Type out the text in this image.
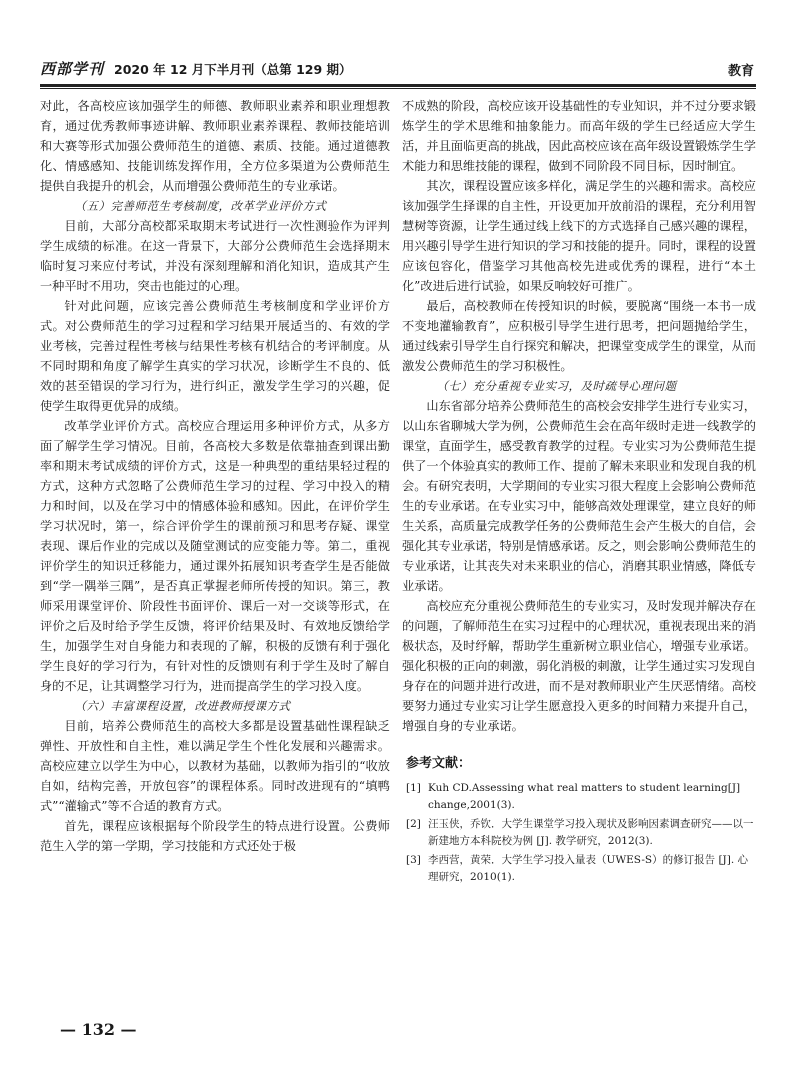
西部学刊 2020 年 12 月下半月刊（总第 129 期）	教育

对此，各高校应该加强学生的师德、教师职业素养和职业理想教育，通过优秀教师事迹讲解、教师职业素养课程、教师技能培训和大赛等形式加强公费师范生的道德、素质、技能。通过道德教化、情感感知、技能训练发挥作用，全方位多渠道为公费师范生提供自我提升的机会，从而增强公费师范生的专业承诺。

（五）完善师范生考核制度，改革学业评价方式

目前，大部分高校都采取期末考试进行一次性测验作为评判学生成绩的标准。在这一背景下，大部分公费师范生会选择期末临时复习来应付考试，并没有深刻理解和消化知识，造成其产生一种平时不用功，突击也能过的心理。

针对此问题，应该完善公费师范生考核制度和学业评价方式。对公费师范生的学习过程和学习结果开展适当的、有效的学业考核，完善过程性考核与结果性考核有机结合的考评制度。从不同时期和角度了解学生真实的学习状况，诊断学生不良的、低效的甚至错误的学习行为，进行纠正，激发学生学习的兴趣，促使学生取得更优异的成绩。

改革学业评价方式。高校应合理运用多种评价方式，从多方面了解学生学习情况。目前，各高校大多数是依靠抽查到课出勤率和期末考试成绩的评价方式，这是一种典型的重结果轻过程的方式，这种方式忽略了公费师范生学习的过程、学习中投入的精力和时间，以及在学习中的情感体验和感知。因此，在评价学生学习状况时，第一，综合评价学生的课前预习和思考存疑、课堂表现、课后作业的完成以及随堂测试的应变能力等。第二，重视评价学生的知识迁移能力，通过课外拓展知识考查学生是否能做到“学一隅举三隅”，是否真正掌握老师所传授的知识。第三，教师采用课堂评价、阶段性书面评价、课后一对一交谈等形式，在评价之后及时给予学生反馈，将评价结果及时、有效地反馈给学生，加强学生对自身能力和表现的了解，积极的反馈有利于强化学生良好的学习行为，有针对性的反馈则有利于学生及时了解自身的不足，让其调整学习行为，进而提高学生的学习投入度。

（六）丰富课程设置，改进教师授课方式

目前，培养公费师范生的高校大多都是设置基础性课程缺乏弹性、开放性和自主性，难以满足学生个性化发展和兴趣需求。高校应建立以学生为中心，以教材为基础，以教师为指引的“收放自如，结构完善，开放包容”的课程体系。同时改进现有的“填鸭式”“灌输式”等不合适的教育方式。

首先，课程应该根据每个阶段学生的特点进行设置。公费师范生入学的第一学期，学习技能和方式还处于极

不成熟的阶段，高校应该开设基础性的专业知识，并不过分要求锻炼学生的学术思维和抽象能力。而高年级的学生已经适应大学生活，并且面临更高的挑战，因此高校应该在高年级设置锻炼学生学术能力和思维技能的课程，做到不同阶段不同目标，因时制宜。

其次，课程设置应该多样化，满足学生的兴趣和需求。高校应该加强学生择课的自主性，开设更加开放前沿的课程，充分利用智慧树等资源，让学生通过线上线下的方式选择自己感兴趣的课程，用兴趣引导学生进行知识的学习和技能的提升。同时，课程的设置应该包容化，借鉴学习其他高校先进或优秀的课程，进行“本土化”改进后进行试验，如果反响较好可推广。

最后，高校教师在传授知识的时候，要脱离“围绕一本书一成不变地灌输教育”，应积极引导学生进行思考，把问题抛给学生，通过线索引导学生自行探究和解决，把课堂变成学生的课堂，从而激发公费师范生的学习积极性。

（七）充分重视专业实习，及时疏导心理问题

山东省部分培养公费师范生的高校会安排学生进行专业实习，以山东省聊城大学为例，公费师范生会在高年级时走进一线教学的课堂，直面学生，感受教育教学的过程。专业实习为公费师范生提供了一个体验真实的教师工作、提前了解未来职业和发现自我的机会。有研究表明，大学期间的专业实习很大程度上会影响公费师范生的专业承诺。在专业实习中，能够高效处理课堂，建立良好的师生关系，高质量完成教学任务的公费师范生会产生极大的自信，会强化其专业承诺，特别是情感承诺。反之，则会影响公费师范生的专业承诺，让其丧失对未来职业的信心，消磨其职业情感，降低专业承诺。

高校应充分重视公费师范生的专业实习，及时发现并解决存在的问题，了解师范生在实习过程中的心理状况，重视表现出来的消极状态，及时纾解，帮助学生重新树立职业信心，增强专业承诺。强化积极的正向的刺激，弱化消极的刺激，让学生通过实习发现自身存在的问题并进行改进，而不是对教师职业产生厌恶情绪。高校要努力通过专业实习让学生愿意投入更多的时间精力来提升自己，增强自身的专业承诺。

参考文献：
[1] Kuh CD.Assessing what real matters to student learning[J] change,2001(3).
[2] 汪玉侠，乔钦．大学生课堂学习投入现状及影响因素调查研究——以一新建地方本科院校为例 [J]. 教学研究，2012(3).
[3] 李西营，黄荣．大学生学习投入量表（UWES-S）的修订报告 [J]. 心理研究，2010(1).
— 132 —
